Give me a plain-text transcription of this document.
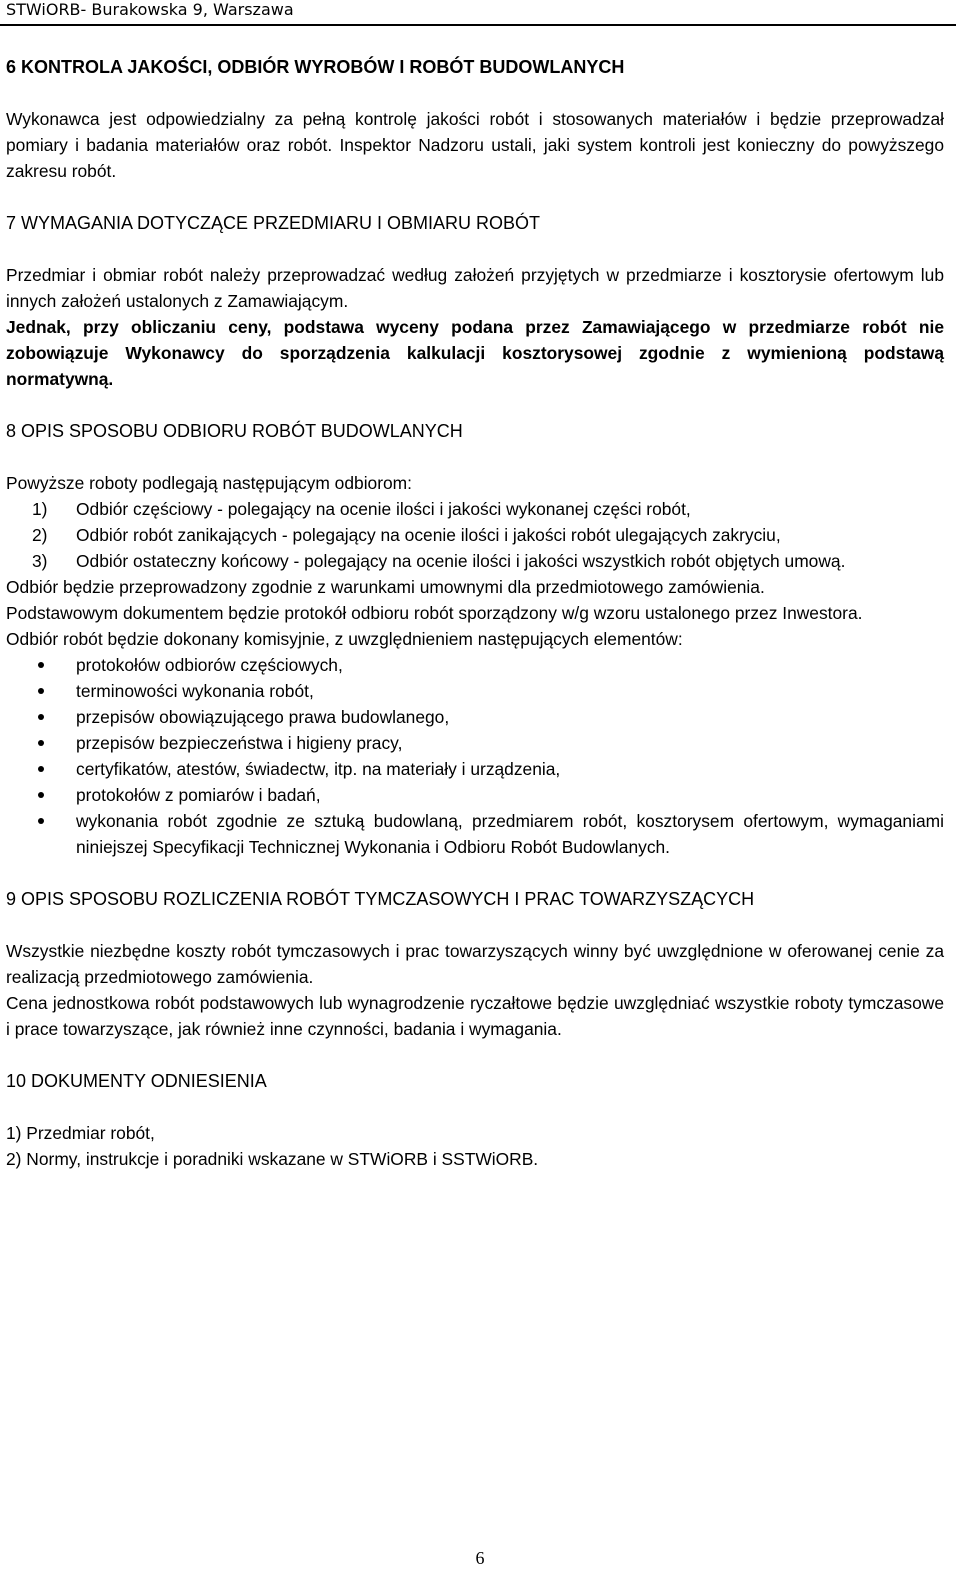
STWiORB- Burakowska 9, Warszawa
6 KONTROLA JAKOŚCI, ODBIÓR WYROBÓW I ROBÓT BUDOWLANYCH

Wykonawca jest odpowiedzialny za pełną kontrolę jakości robót i stosowanych materiałów i będzie przeprowadzał pomiary i badania materiałów oraz robót. Inspektor Nadzoru ustali, jaki system kontroli jest konieczny do powyższego zakresu robót.

7 WYMAGANIA DOTYCZĄCE PRZEDMIARU I OBMIARU ROBÓT

Przedmiar i obmiar robót należy przeprowadzać według założeń przyjętych w przedmiarze i kosztorysie ofertowym lub innych założeń ustalonych z Zamawiającym.

Jednak, przy obliczaniu ceny, podstawa wyceny podana przez Zamawiającego w przedmiarze robót nie zobowiązuje Wykonawcy do sporządzenia kalkulacji kosztorysowej zgodnie z wymienioną podstawą normatywną.

8 OPIS SPOSOBU ODBIORU ROBÓT BUDOWLANYCH

Powyższe roboty podlegają następującym odbiorom:

1) Odbiór częściowy - polegający na ocenie ilości i jakości wykonanej części robót,
2) Odbiór robót zanikających - polegający na ocenie ilości i jakości robót ulegających zakryciu,
3) Odbiór ostateczny końcowy - polegający na ocenie ilości i jakości wszystkich robót objętych umową.

Odbiór będzie przeprowadzony zgodnie z warunkami umownymi dla przedmiotowego zamówienia.

Podstawowym dokumentem będzie protokół odbioru robót sporządzony w/g wzoru ustalonego przez Inwestora.

Odbiór robót będzie dokonany komisyjnie, z uwzględnieniem następujących elementów:

protokołów odbiorów częściowych,
terminowości wykonania robót,
przepisów obowiązującego prawa budowlanego,
przepisów bezpieczeństwa i higieny pracy,
certyfikatów, atestów, świadectw, itp. na materiały i urządzenia,
protokołów z pomiarów i badań,
wykonania robót zgodnie ze sztuką budowlaną, przedmiarem robót, kosztorysem ofertowym, wymaganiami niniejszej Specyfikacji Technicznej Wykonania i Odbioru Robót Budowlanych.
9 OPIS SPOSOBU ROZLICZENIA ROBÓT TYMCZASOWYCH I PRAC TOWARZYSZĄCYCH

Wszystkie niezbędne koszty robót tymczasowych i prac towarzyszących winny być uwzględnione w oferowanej cenie za realizacją przedmiotowego zamówienia.

Cena jednostkowa robót podstawowych lub wynagrodzenie ryczałtowe będzie uwzględniać wszystkie roboty tymczasowe i prace towarzyszące, jak również inne czynności, badania i wymagania.

10 DOKUMENTY ODNIESIENIA

1) Przedmiar robót,

2) Normy, instrukcje i poradniki wskazane w STWiORB i SSTWiORB.

6
